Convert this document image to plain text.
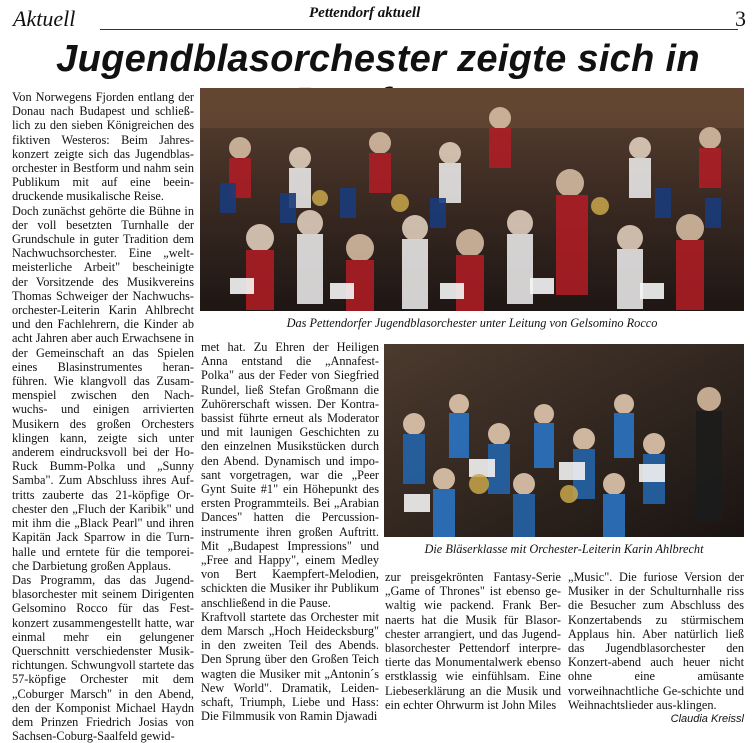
Aktuell	Pettendorf aktuell	3
Jugendblasorchester zeigte sich in

Von Norwegens Fjorden entlang der Donau nach Budapest und schließ-lich zu den sieben Königreichen des fiktiven Westeros: Beim Jahres-konzert zeigte sich das Jugendblas-orchester in Bestform und nahm sein Publikum mit auf eine beein-druckende musikalische Reise.

Doch zunächst gehörte die Bühne in der voll besetzten Turnhalle der Grundschule in guter Tradition dem Nachwuchsorchester. Eine „welt-meisterliche Arbeit" bescheinigte der Vorsitzende des Musikvereins Thomas Schweiger der Nachwuchs-orchester-Leiterin Karin Ahlbrecht und den Fachlehrern, die Kinder ab acht Jahren aber auch Erwachsene in der Gemeinschaft an das Spielen eines Blasinstrumentes heran-führen. Wie klangvoll das Zusam-menspiel zwischen den Nach-wuchs- und einigen arrivierten Musikern des großen Orchesters klingen kann, zeigte sich unter anderem eindrucksvoll bei der Ho-Ruck Bumm-Polka und „Sunny Samba". Zum Abschluss ihres Auf-tritts zauberte das 21-köpfige Or-chester den „Fluch der Karibik" und mit ihm die „Black Pearl" und ihren Kapitän Jack Sparrow in die Turn-halle und erntete für die temporei-che Darbietung großen Applaus.

Das Programm, das das Jugend-blasorchester mit seinem Dirigenten Gelsomino Rocco für das Fest-konzert zusammengestellt hatte, war einmal mehr ein gelungener Querschnitt verschiedenster Musik-richtungen. Schwungvoll startete das 57-köpfige Orchester mit dem „Coburger Marsch" in den Abend, den der Komponist Michael Haydn dem Prinzen Friedrich Josias von Sachsen-Coburg-Saalfeld gewid-

Das Pettendorfer Jugendblasorchester unter Leitung von Gelsomino Rocco

met hat. Zu Ehren der Heiligen Anna entstand die „Annafest-Polka" aus der Feder von Siegfried Rundel, ließ Stefan Großmann die Zuhörerschaft wissen. Der Kontra-bassist führte erneut als Moderator und mit launigen Geschichten zu den einzelnen Musikstücken durch den Abend. Dynamisch und impo-sant vorgetragen, war die „Peer Gynt Suite #1" ein Höhepunkt des ersten Programmteils. Bei „Arabian Dances" hatten die Percussion-instrumente ihren großen Auftritt. Mit „Budapest Impressions" und „Free and Happy", einem Medley von Bert Kaempfert-Melodien, schickten die Musiker ihr Publikum anschließend in die Pause.

Kraftvoll startete das Orchester mit dem Marsch „Hoch Heidecksburg" in den zweiten Teil des Abends. Den Sprung über den Großen Teich wagten die Musiker mit „Antonin´s New World". Dramatik, Leiden-schaft, Triumph, Liebe und Hass: Die Filmmusik von Ramin Djawadi

Die Bläserklasse mit Orchester-Leiterin Karin Ahlbrecht

zur preisgekrönten Fantasy-Serie „Game of Thrones" ist ebenso ge-waltig wie packend. Frank Ber-naerts hat die Musik für Blasor-chester arrangiert, und das Jugend-blasorchester Pettendorf interpre-tierte das Monumentalwerk ebenso erstklassig wie einfühlsam. Eine Liebeserklärung an die Musik und ein echter Ohrwurm ist John Miles

„Music". Die furiose Version der Musiker in der Schulturnhalle riss die Besucher zum Abschluss des Konzertabends zu stürmischem Applaus hin. Aber natürlich ließ das Jugendblasorchester den Konzert-abend auch heuer nicht ohne eine amüsante vorweihnachtliche Ge-schichte und Weihnachtslieder aus-klingen.
Claudia Kreissl
